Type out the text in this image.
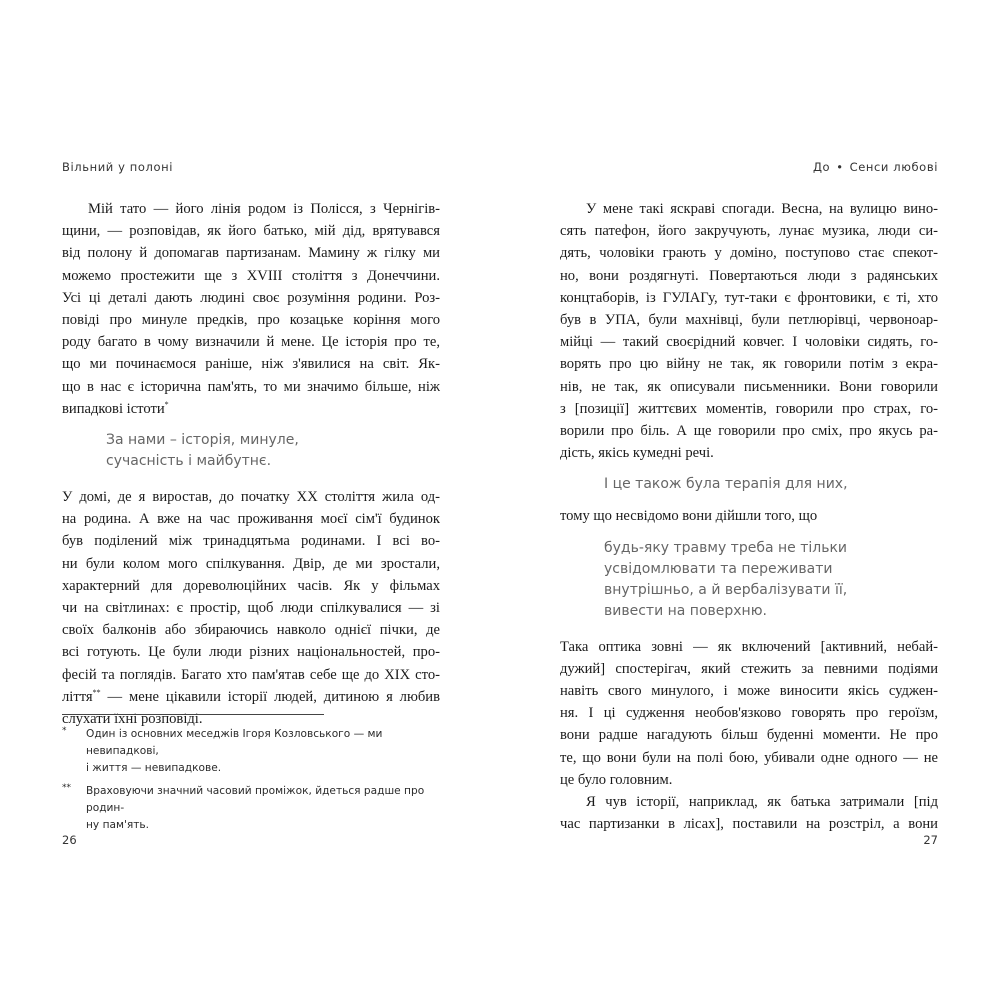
Вільний у полоні
Мій тато — його лінія родом із Полісся, з Чернігів-
щини, — розповідав, як його батько, мій дід, врятувався
від полону й допомагав партизанам. Мамину ж гілку ми
можемо простежити ще з XVIII століття з Донеччини.
Усі ці деталі дають людині своє розуміння родини. Роз-
повіді про минуле предків, про козацьке коріння мого
роду багато в чому визначили й мене. Це історія про те,
що ми починаємося раніше, ніж з'явилися на світ. Як-
що в нас є історична пам'ять, то ми значимо більше, ніж
випадкові істоти*
За нами – історія, минуле,
сучасність і майбутнє.
У домі, де я виростав, до початку XX століття жила од-
на родина. А вже на час проживання моєї сім'ї будинок
був поділений між тринадцятьма родинами. І всі во-
ни були колом мого спілкування. Двір, де ми зростали,
характерний для дореволюційних часів. Як у фільмах
чи на світлинах: є простір, щоб люди спілкувалися — зі
своїх балконів або збираючись навколо однієї пічки, де
всі готують. Це були люди різних національностей, про-
фесій та поглядів. Багато хто пам'ятав себе ще до XIX сто-
ліття** — мене цікавили історії людей, дитиною я любив
слухати їхні розповіді.
* Один із основних меседжів Ігоря Козловського — ми невипадкові,
і життя — невипадкове.
** Враховуючи значний часовий проміжок, йдеться радше про родин-
ну пам'ять.
26
До • Сенси любові
У мене такі яскраві спогади. Весна, на вулицю вино-
сять патефон, його закручують, лунає музика, люди си-
дять, чоловіки грають у доміно, поступово стає спекот-
но, вони роздягнуті. Повертаються люди з радянських
концтаборів, із ГУЛАГу, тут-таки є фронтовики, є ті, хто
був в УПА, були махнівці, були петлюрівці, червоноар-
мійці — такий своєрідний ковчег. І чоловіки сидять, го-
ворять про цю війну не так, як говорили потім з екра-
нів, не так, як описували письменники. Вони говорили
з [позиції] життєвих моментів, говорили про страх, го-
ворили про біль. А ще говорили про сміх, про якусь ра-
дість, якісь кумедні речі.
І це також була терапія для них,
тому що несвідомо вони дійшли того, що
будь-яку травму треба не тільки
усвідомлювати та переживати
внутрішньо, а й вербалізувати її,
вивести на поверхню.
Така оптика зовні — як включений [активний, небай-
дужий] спостерігач, який стежить за певними подіями
навіть свого минулого, і може виносити якісь суджен-
ня. І ці судження необов'язково говорять про героїзм,
вони радше нагадують більш буденні моменти. Не про
те, що вони були на полі бою, убивали одне одного — не
це було головним.
Я чув історії, наприклад, як батька затримали [під
час партизанки в лісах], поставили на розстріл, а вони
27
